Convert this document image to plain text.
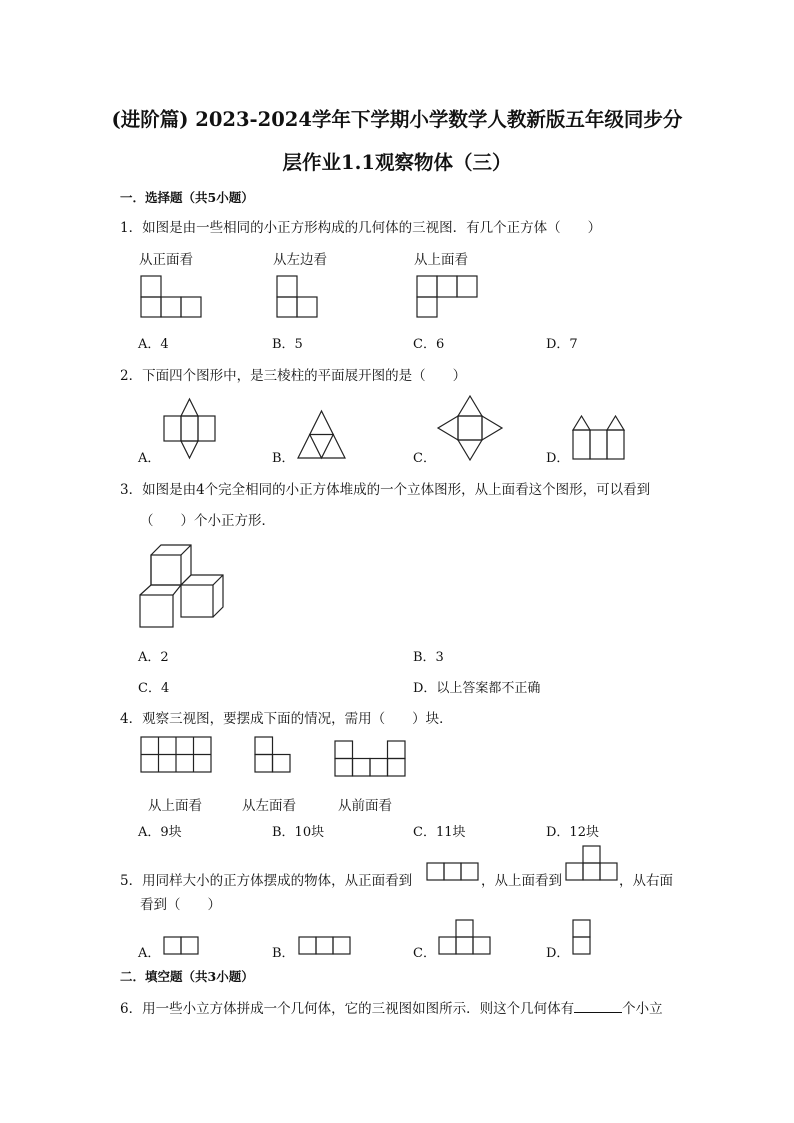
(进阶篇) 2023-2024学年下学期小学数学人教新版五年级同步分
层作业1.1观察物体（三）
一．选择题（共5小题）
1．如图是由一些相同的小正方形构成的几何体的三视图．有几个正方体（　　）
从正面看	从左边看	从上面看
A．4	B．5	C．6	D．7
2．下面四个图形中，是三棱柱的平面展开图的是（　　）
A．	B．	C．	D．
3．如图是由4个完全相同的小正方体堆成的一个立体图形，从上面看这个图形，可以看到
（　　）个小正方形．
A．2	B．3
C．4	D．以上答案都不正确
4．观察三视图，要摆成下面的情况，需用（　　）块．
从上面看	从左面看	从前面看
A．9块	B．10块	C．11块	D．12块
5．用同样大小的正方体摆成的物体，从正面看到	，从上面看到	，从右面
看到（　　）
A．	B．	C．	D．
二．填空题（共3小题）
6．用一些小立方体拼成一个几何体，它的三视图如图所示．则这个几何体有	个小立
